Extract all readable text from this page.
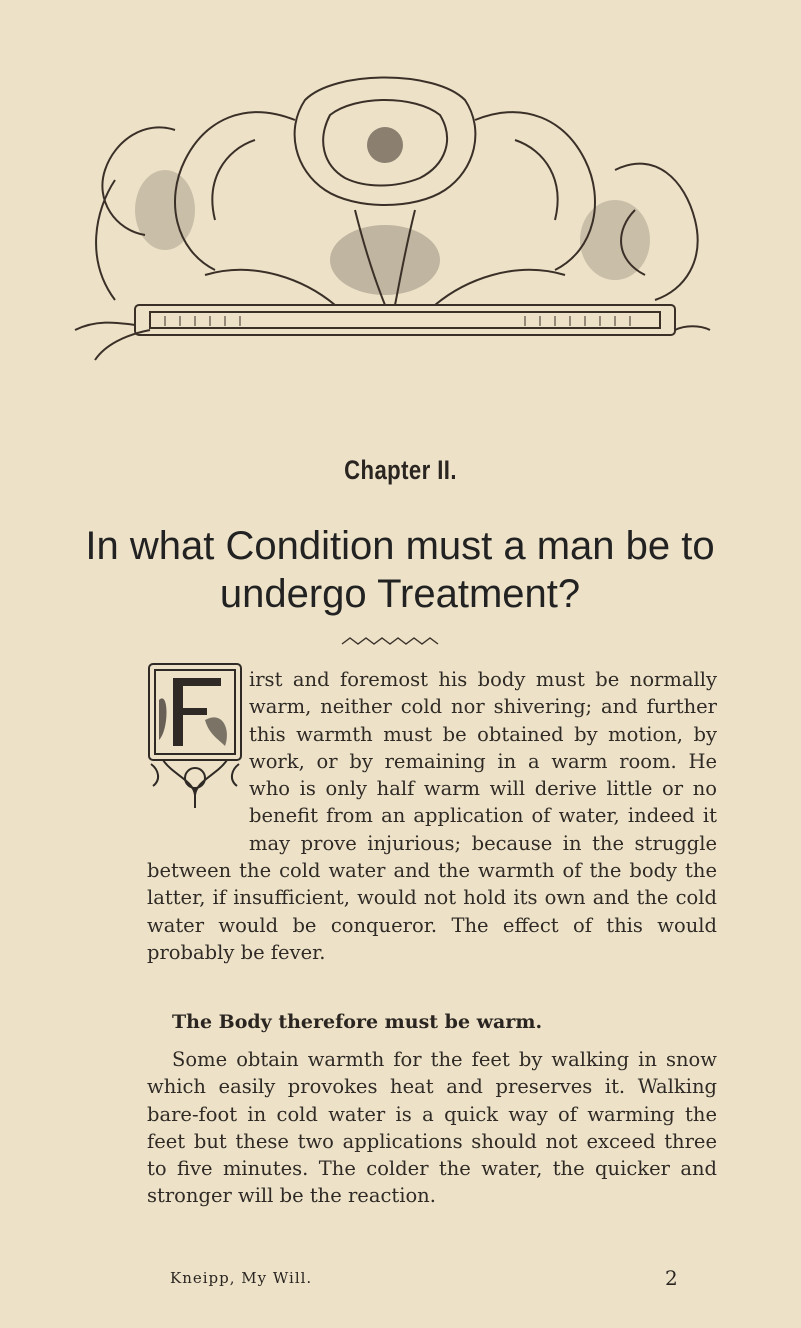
Chapter II.
In what Condition must a man be to
undergo Treatment?
irst and foremost his body must be normally
warm, neither cold nor shivering; and further
this warmth must be obtained by motion, by
work, or by remaining in a warm room. He
who is only half warm will derive little or no
benefit from an application of water, indeed it
may prove injurious; because in the struggle
between the cold water and the warmth of the body the
latter, if insufficient, would not hold its own and the cold
water would be conqueror. The effect of this would
probably be fever.
The Body therefore must be warm.
Some obtain warmth for the feet by walking in snow
which easily provokes heat and preserves it. Walking
bare-foot in cold water is a quick way of warming the
feet but these two applications should not exceed three
to five minutes. The colder the water, the quicker and
stronger will be the reaction.
Kneipp, My Will.	2
